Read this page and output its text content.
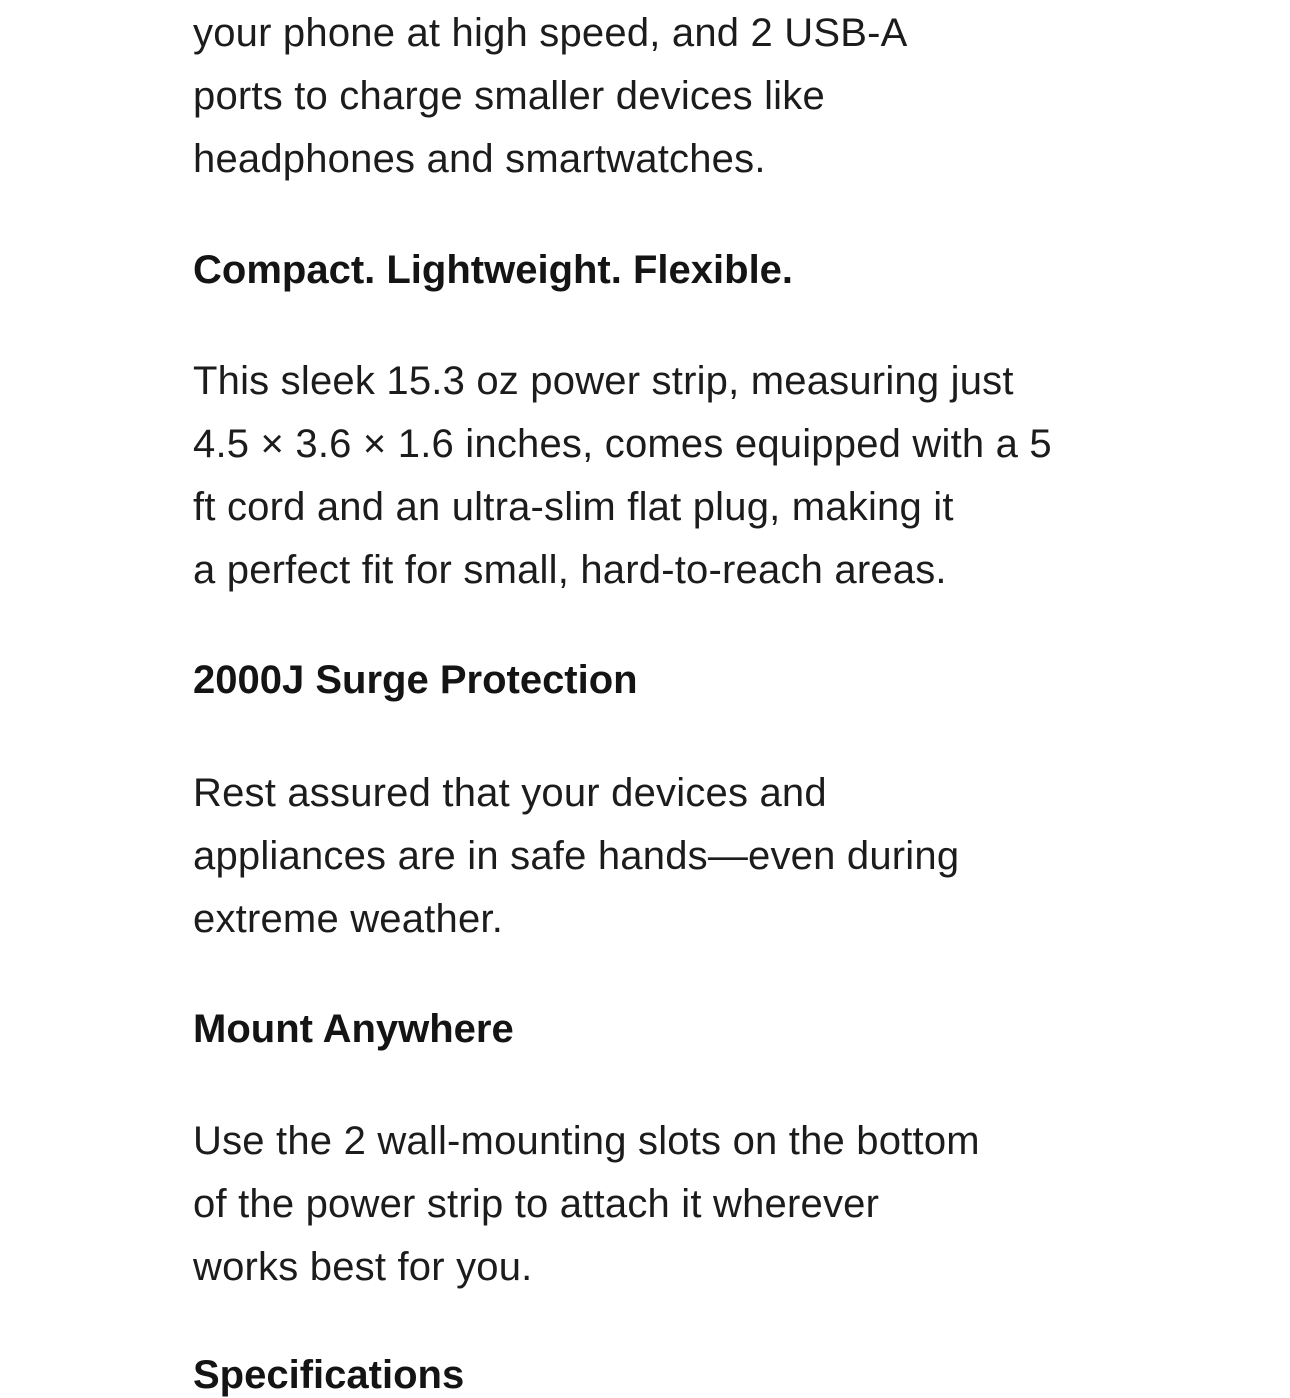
your phone at high speed, and 2 USB-A
ports to charge smaller devices like
headphones and smartwatches.

Compact. Lightweight. Flexible.

This sleek 15.3 oz power strip, measuring just
4.5 × 3.6 × 1.6 inches, comes equipped with a 5
ft cord and an ultra-slim flat plug, making it
a perfect fit for small, hard-to-reach areas.

2000J Surge Protection

Rest assured that your devices and
appliances are in safe hands—even during
extreme weather.

Mount Anywhere

Use the 2 wall-mounting slots on the bottom
of the power strip to attach it wherever
works best for you.

Specifications
